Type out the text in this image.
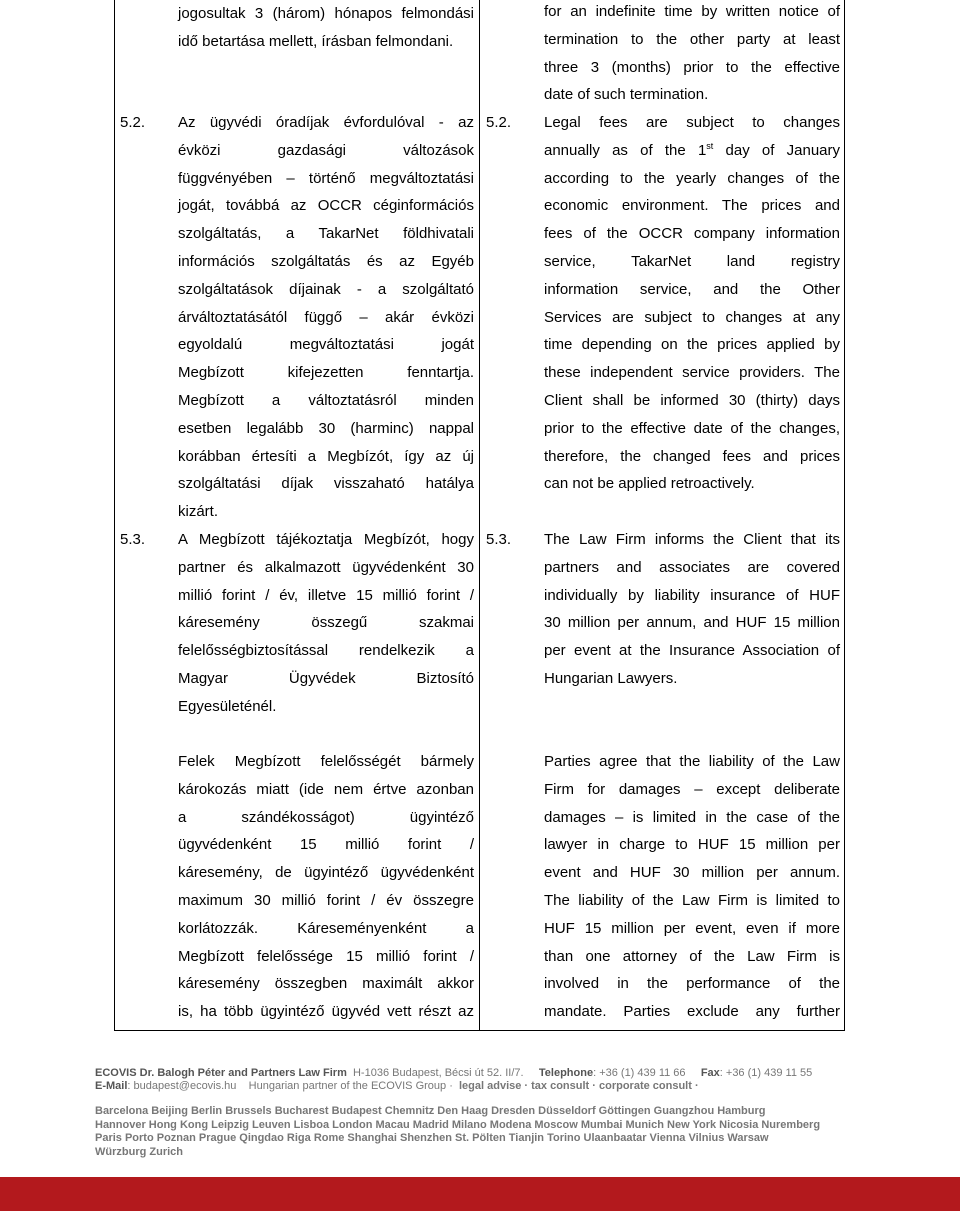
jogosultak 3 (három) hónapos felmondási
idő betartása mellett, írásban felmondani.
5.2. Az ügyvédi óradíjak évfordulóval - az
évközi gazdasági változások
függvényében – történő megváltoztatási
jogát, továbbá az OCCR céginformációs
szolgáltatás, a TakarNet földhivatali
információs szolgáltatás és az Egyéb
szolgáltatások díjainak - a szolgáltató
árváltoztatásától függő – akár évközi
egyoldalú megváltoztatási jogát
Megbízott kifejezetten fenntartja.
Megbízott a változtatásról minden
esetben legalább 30 (harminc) nappal
korábban értesíti a Megbízót, így az új
szolgáltatási díjak visszaható hatálya
kizárt.
5.3. A Megbízott tájékoztatja Megbízót, hogy
partner és alkalmazott ügyvédenként 30
millió forint / év, illetve 15 millió forint /
káresemény összegű szakmai
felelősségbiztosítással rendelkezik a
Magyar Ügyvédek Biztosító
Egyesületénél.
Felek Megbízott felelősségét bármely
károkozás miatt (ide nem értve azonban
a szándékosságot) ügyintéző
ügyvédenként 15 millió forint /
káresemény, de ügyintéző ügyvédenként
maximum 30 millió forint / év összegre
korlátozzák. Káreseményenként a
Megbízott felelőssége 15 millió forint /
káresemény összegben maximált akkor
is, ha több ügyintéző ügyvéd vett részt az
for an indefinite time by written notice of
termination to the other party at least
three 3 (months) prior to the effective
date of such termination.
5.2. Legal fees are subject to changes
annually as of the 1st day of January
according to the yearly changes of the
economic environment. The prices and
fees of the OCCR company information
service, TakarNet land registry
information service, and the Other
Services are subject to changes at any
time depending on the prices applied by
these independent service providers. The
Client shall be informed 30 (thirty) days
prior to the effective date of the changes,
therefore, the changed fees and prices
can not be applied retroactively.
5.3. The Law Firm informs the Client that its
partners and associates are covered
individually by liability insurance of HUF
30 million per annum, and HUF 15 million
per event at the Insurance Association of
Hungarian Lawyers.
Parties agree that the liability of the Law
Firm for damages – except deliberate
damages – is limited in the case of the
lawyer in charge to HUF 15 million per
event and HUF 30 million per annum.
The liability of the Law Firm is limited to
HUF 15 million per event, even if more
than one attorney of the Law Firm is
involved in the performance of the
mandate. Parties exclude any further
ECOVIS Dr. Balogh Péter and Partners Law Firm H-1036 Budapest, Bécsi út 52. II/7. Telephone: +36 (1) 439 11 66 Fax: +36 (1) 439 11 55
E-Mail: budapest@ecovis.hu Hungarian partner of the ECOVIS Group · legal advise · tax consult · corporate consult ·
Barcelona Beijing Berlin Brussels Bucharest Budapest Chemnitz Den Haag Dresden Düsseldorf Göttingen Guangzhou Hamburg
Hannover Hong Kong Leipzig Leuven Lisboa London Macau Madrid Milano Modena Moscow Mumbai Munich New York Nicosia Nuremberg
Paris Porto Poznan Prague Qingdao Riga Rome Shanghai Shenzhen St. Pölten Tianjin Torino Ulaanbaatar Vienna Vilnius Warsaw
Würzburg Zurich
